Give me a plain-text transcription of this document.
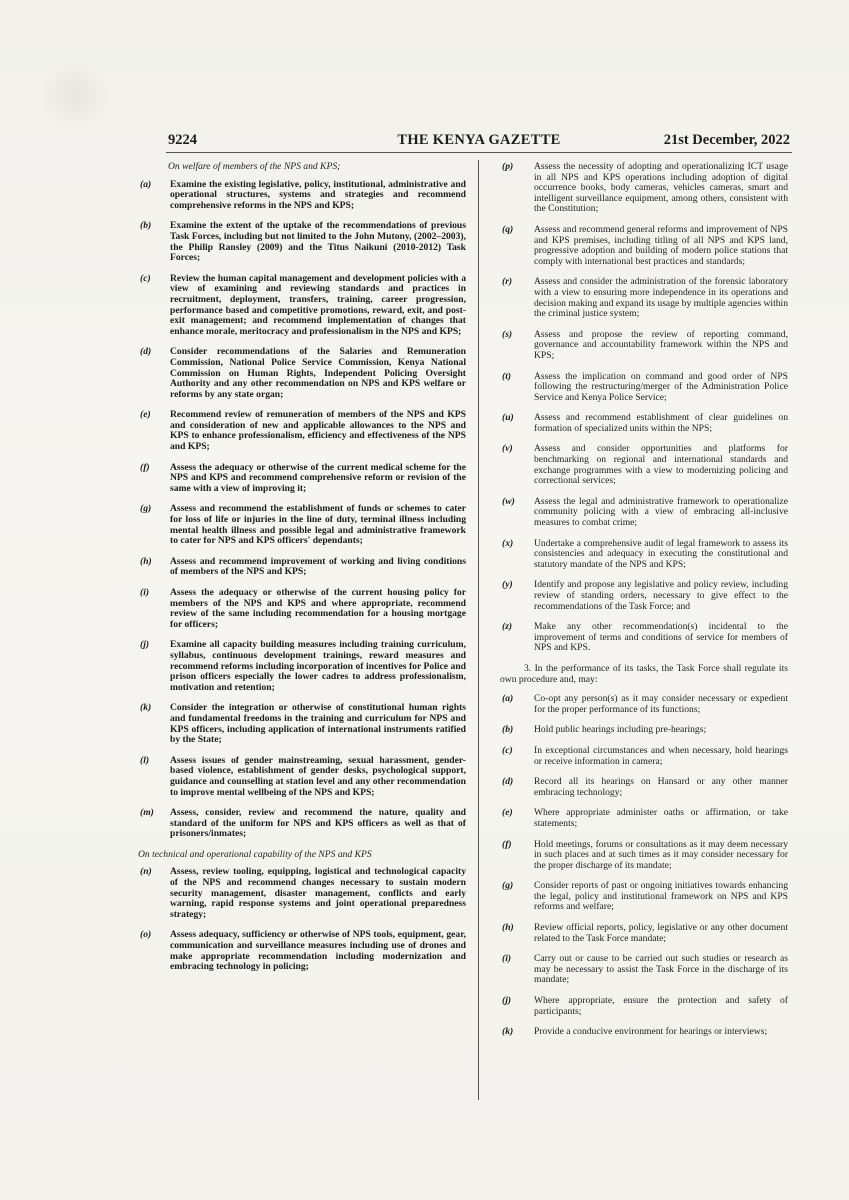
9224	THE KENYA GAZETTE	21st December, 2022
On welfare of members of the NPS and KPS;
(a) Examine the existing legislative, policy, institutional, administrative and operational structures, systems and strategies and recommend comprehensive reforms in the NPS and KPS;
(b) Examine the extent of the uptake of the recommendations of previous Task Forces, including but not limited to the John Mutony, (2002–2003), the Philip Ransley (2009) and the Titus Naikuni (2010-2012) Task Forces;
(c) Review the human capital management and development policies with a view of examining and reviewing standards and practices in recruitment, deployment, transfers, training, career progression, performance based and competitive promotions, reward, exit, and post-exit management; and recommend implementation of changes that enhance morale, meritocracy and professionalism in the NPS and KPS;
(d) Consider recommendations of the Salaries and Remuneration Commission, National Police Service Commission, Kenya National Commission on Human Rights, Independent Policing Oversight Authority and any other recommendation on NPS and KPS welfare or reforms by any state organ;
(e) Recommend review of remuneration of members of the NPS and KPS and consideration of new and applicable allowances to the NPS and KPS to enhance professionalism, efficiency and effectiveness of the NPS and KPS;
(f) Assess the adequacy or otherwise of the current medical scheme for the NPS and KPS and recommend comprehensive reform or revision of the same with a view of improving it;
(g) Assess and recommend the establishment of funds or schemes to cater for loss of life or injuries in the line of duty, terminal illness including mental health illness and possible legal and administrative framework to cater for NPS and KPS officers' dependants;
(h) Assess and recommend improvement of working and living conditions of members of the NPS and KPS;
(i) Assess the adequacy or otherwise of the current housing policy for members of the NPS and KPS and where appropriate, recommend review of the same including recommendation for a housing mortgage for officers;
(j) Examine all capacity building measures including training curriculum, syllabus, continuous development trainings, reward measures and recommend reforms including incorporation of incentives for Police and prison officers especially the lower cadres to address professionalism, motivation and retention;
(k) Consider the integration or otherwise of constitutional human rights and fundamental freedoms in the training and curriculum for NPS and KPS officers, including application of international instruments ratified by the State;
(l) Assess issues of gender mainstreaming, sexual harassment, gender-based violence, establishment of gender desks, psychological support, guidance and counselling at station level and any other recommendation to improve mental wellbeing of the NPS and KPS;
(m) Assess, consider, review and recommend the nature, quality and standard of the uniform for NPS and KPS officers as well as that of prisoners/inmates;
On technical and operational capability of the NPS and KPS
(n) Assess, review tooling, equipping, logistical and technological capacity of the NPS and recommend changes necessary to sustain modern security management, disaster management, conflicts and early warning, rapid response systems and joint operational preparedness strategy;
(o) Assess adequacy, sufficiency or otherwise of NPS tools, equipment, gear, communication and surveillance measures including use of drones and make appropriate recommendation including modernization and embracing technology in policing;
(p) Assess the necessity of adopting and operationalizing ICT usage in all NPS and KPS operations including adoption of digital occurrence books, body cameras, vehicles cameras, smart and intelligent surveillance equipment, among others, consistent with the Constitution;
(q) Assess and recommend general reforms and improvement of NPS and KPS premises, including titling of all NPS and KPS land, progressive adoption and building of modern police stations that comply with international best practices and standards;
(r) Assess and consider the administration of the forensic laboratory with a view to ensuring more independence in its operations and decision making and expand its usage by multiple agencies within the criminal justice system;
(s) Assess and propose the review of reporting command, governance and accountability framework within the NPS and KPS;
(t) Assess the implication on command and good order of NPS following the restructuring/merger of the Administration Police Service and Kenya Police Service;
(u) Assess and recommend establishment of clear guidelines on formation of specialized units within the NPS;
(v) Assess and consider opportunities and platforms for benchmarking on regional and international standards and exchange programmes with a view to modernizing policing and correctional services;
(w) Assess the legal and administrative framework to operationalize community policing with a view of embracing all-inclusive measures to combat crime;
(x) Undertake a comprehensive audit of legal framework to assess its consistencies and adequacy in executing the constitutional and statutory mandate of the NPS and KPS;
(y) Identify and propose any legislative and policy review, including review of standing orders, necessary to give effect to the recommendations of the Task Force; and
(z) Make any other recommendation(s) incidental to the improvement of terms and conditions of service for members of NPS and KPS.
3. In the performance of its tasks, the Task Force shall regulate its own procedure and, may:
(a) Co-opt any person(s) as it may consider necessary or expedient for the proper performance of its functions;
(b) Hold public hearings including pre-hearings;
(c) In exceptional circumstances and when necessary, hold hearings or receive information in camera;
(d) Record all its hearings on Hansard or any other manner embracing technology;
(e) Where appropriate administer oaths or affirmation, or take statements;
(f) Hold meetings, forums or consultations as it may deem necessary in such places and at such times as it may consider necessary for the proper discharge of its mandate;
(g) Consider reports of past or ongoing initiatives towards enhancing the legal, policy and institutional framework on NPS and KPS reforms and welfare;
(h) Review official reports, policy, legislative or any other document related to the Task Force mandate;
(i) Carry out or cause to be carried out such studies or research as may be necessary to assist the Task Force in the discharge of its mandate;
(j) Where appropriate, ensure the protection and safety of participants;
(k) Provide a conducive environment for hearings or interviews;
